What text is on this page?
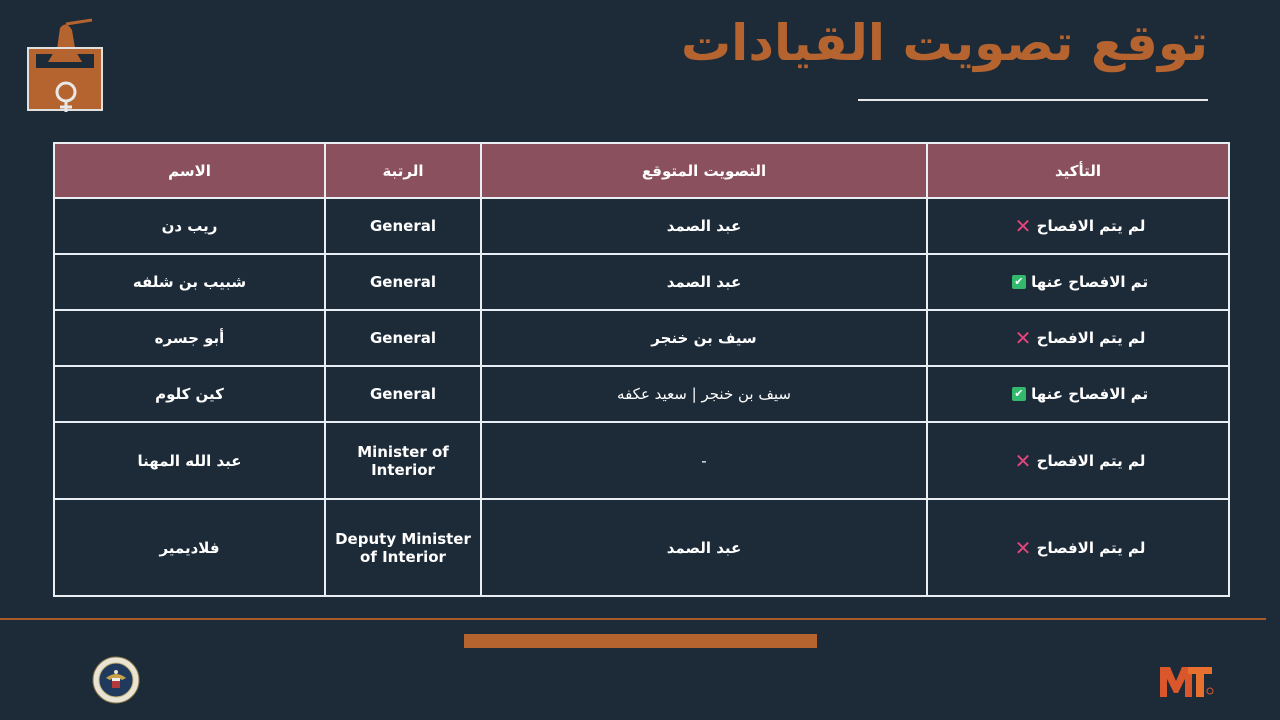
توقع تصويت القيادات
الاسم	الرتبة	التصويت المتوقع	التأكيد
ريب دن	General	عبد الصمد	لم يتم الافصاح ✕
شبيب بن شلفه	General	عبد الصمد	تم الافصاح عنها ✔
أبو جسره	General	سيف بن خنجر	لم يتم الافصاح ✕
كين كلوم	General	سيف بن خنجر | سعيد عكفه	تم الافصاح عنها ✔
عبد الله المهنا	Minister of Interior	-	لم يتم الافصاح ✕
فلاديمير	Deputy Minister of Interior	عبد الصمد	لم يتم الافصاح ✕
